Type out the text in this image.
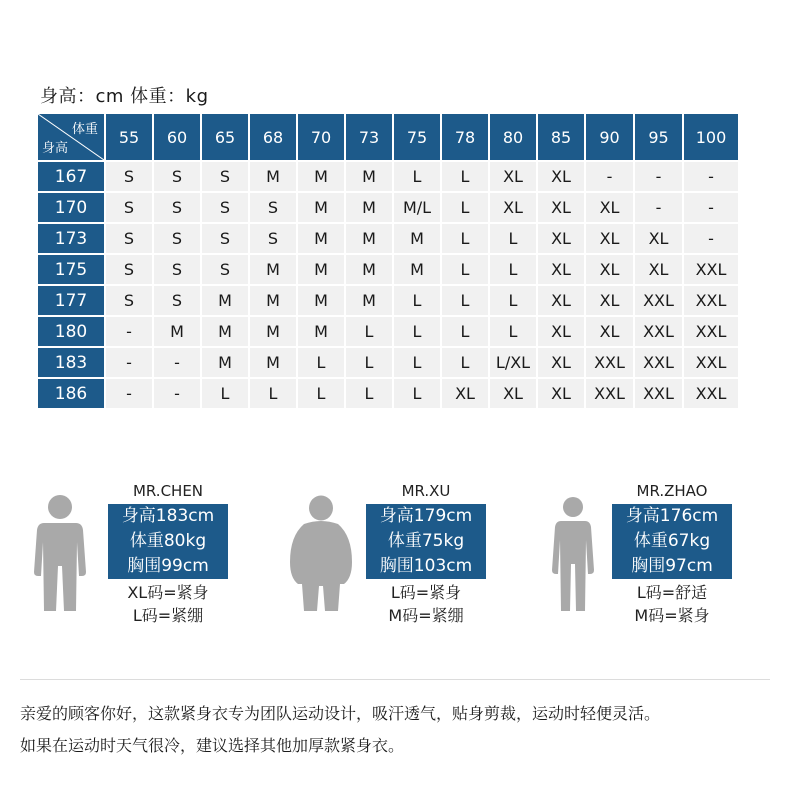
身高：cm 体重：kg
体重
身高	55	60	65	68	70	73	75	78	80	85	90	95	100
167	S	S	S	M	M	M	L	L	XL	XL	-	-	-
170	S	S	S	S	M	M	M/L	L	XL	XL	XL	-	-
173	S	S	S	S	M	M	M	L	L	XL	XL	XL	-
175	S	S	S	M	M	M	M	L	L	XL	XL	XL	XXL
177	S	S	M	M	M	M	L	L	L	XL	XL	XXL	XXL
180	-	M	M	M	M	L	L	L	L	XL	XL	XXL	XXL
183	-	-	M	M	L	L	L	L	L/XL	XL	XXL	XXL	XXL
186	-	-	L	L	L	L	L	XL	XL	XL	XXL	XXL	XXL
MR.CHEN
身高183cm
体重80kg
胸围99cm
XL码=紧身
L码=紧绷
MR.XU
身高179cm
体重75kg
胸围103cm
L码=紧身
M码=紧绷
MR.ZHAO
身高176cm
体重67kg
胸围97cm
L码=舒适
M码=紧身
亲爱的顾客你好，这款紧身衣专为团队运动设计，吸汗透气，贴身剪裁，运动时轻便灵活。
如果在运动时天气很冷，建议选择其他加厚款紧身衣。
